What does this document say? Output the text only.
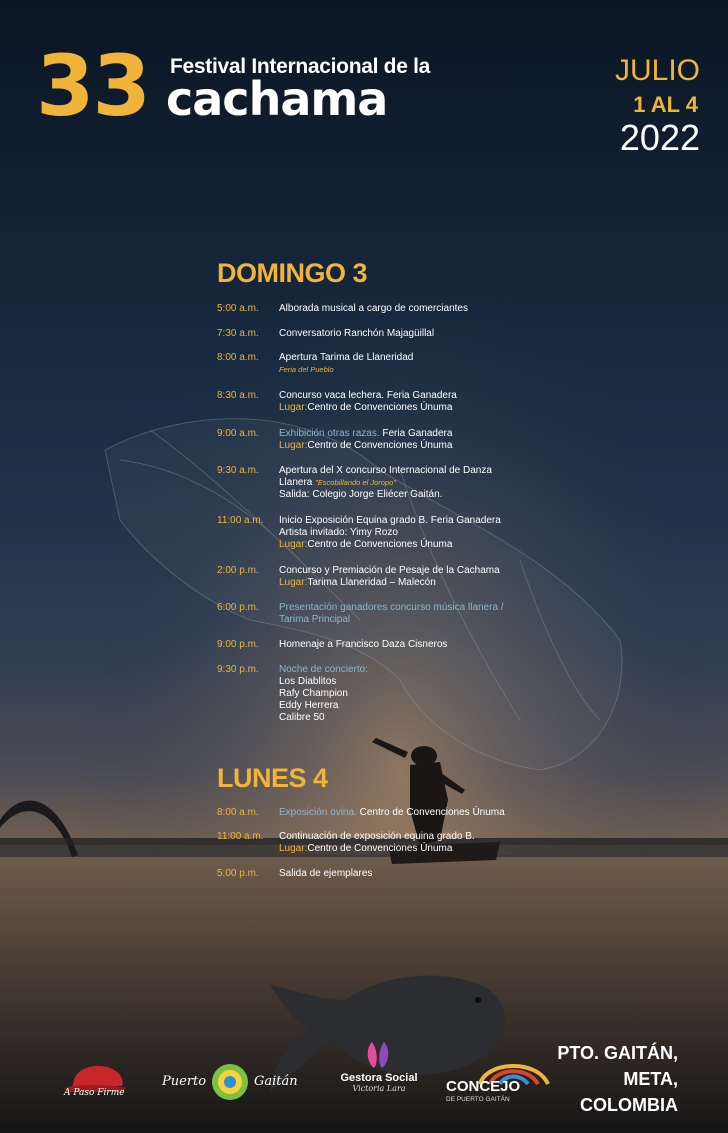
33 Festival Internacional de la
cachama
JULIO
1 AL 4
2022
DOMINGO 3
5:00 a.m. Alborada musical a cargo de comerciantes
7:30 a.m. Conversatorio Ranchón Majagüillal
8:00 a.m. Apertura Tarima de Llaneridad
Feria del Pueblo
8:30 a.m. Concurso vaca lechera. Feria Ganadera
Lugar:Centro de Convenciones Únuma
9:00 a.m. Exhibición otras razas. Feria Ganadera
Lugar:Centro de Convenciones Únuma
9:30 a.m. Apertura del X concurso Internacional de Danza
Llanera "Escobillando el Joropo"
Salida: Colegio Jorge Eliécer Gaitán.
11:00 a.m. Inicio Exposición Equina grado B. Feria Ganadera
Artista invitado: Yimy Rozo
Lugar:Centro de Convenciones Únuma
2:00 p.m. Concurso y Premiación de Pesaje de la Cachama
Lugar:Tarima Llaneridad – Malecón
6:00 p.m. Presentación ganadores concurso música llanera /
Tarima Principal
9:00 p.m. Homenaje a Francisco Daza Cisneros
9:30 p.m. Noche de concierto:
Los Diablitos
Rafy Champion
Eddy Herrera
Calibre 50
LUNES 4
8:00 a.m. Exposición ovina. Centro de Convenciones Únuma
11:00 a.m. Continuación de exposición equina grado B.
Lugar:Centro de Convenciones Únuma
5:00 p.m. Salida de ejemplares
PTO. GAITÁN,
META,
COLOMBIA
A Paso Firme
Puerto	Gaitán	Gestora Social
Victoria Lara	CONCEJO
DE PUERTO GAITÁN
